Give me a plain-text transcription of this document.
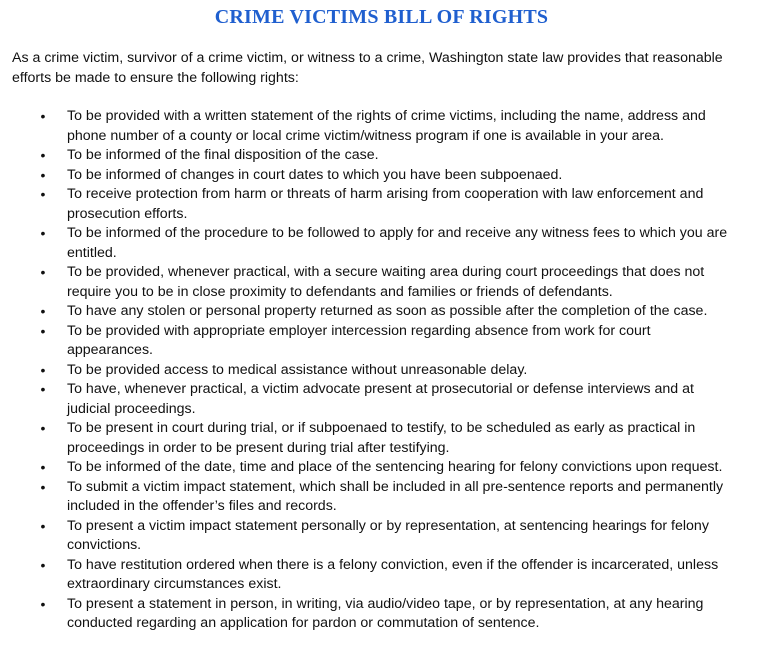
CRIME VICTIMS BILL OF RIGHTS

As a crime victim, survivor of a crime victim, or witness to a crime, Washington state law provides that reasonable efforts be made to ensure the following rights:

• To be provided with a written statement of the rights of crime victims, including the name, address and phone number of a county or local crime victim/witness program if one is available in your area.
• To be informed of the final disposition of the case.
• To be informed of changes in court dates to which you have been subpoenaed.
• To receive protection from harm or threats of harm arising from cooperation with law enforcement and prosecution efforts.
• To be informed of the procedure to be followed to apply for and receive any witness fees to which you are entitled.
• To be provided, whenever practical, with a secure waiting area during court proceedings that does not require you to be in close proximity to defendants and families or friends of defendants.
• To have any stolen or personal property returned as soon as possible after the completion of the case.
• To be provided with appropriate employer intercession regarding absence from work for court appearances.
• To be provided access to medical assistance without unreasonable delay.
• To have, whenever practical, a victim advocate present at prosecutorial or defense interviews and at judicial proceedings.
• To be present in court during trial, or if subpoenaed to testify, to be scheduled as early as practical in proceedings in order to be present during trial after testifying.
• To be informed of the date, time and place of the sentencing hearing for felony convictions upon request.
• To submit a victim impact statement, which shall be included in all pre-sentence reports and permanently included in the offender’s files and records.
• To present a victim impact statement personally or by representation, at sentencing hearings for felony convictions.
• To have restitution ordered when there is a felony conviction, even if the offender is incarcerated, unless extraordinary circumstances exist.
• To present a statement in person, in writing, via audio/video tape, or by representation, at any hearing conducted regarding an application for pardon or commutation of sentence.
